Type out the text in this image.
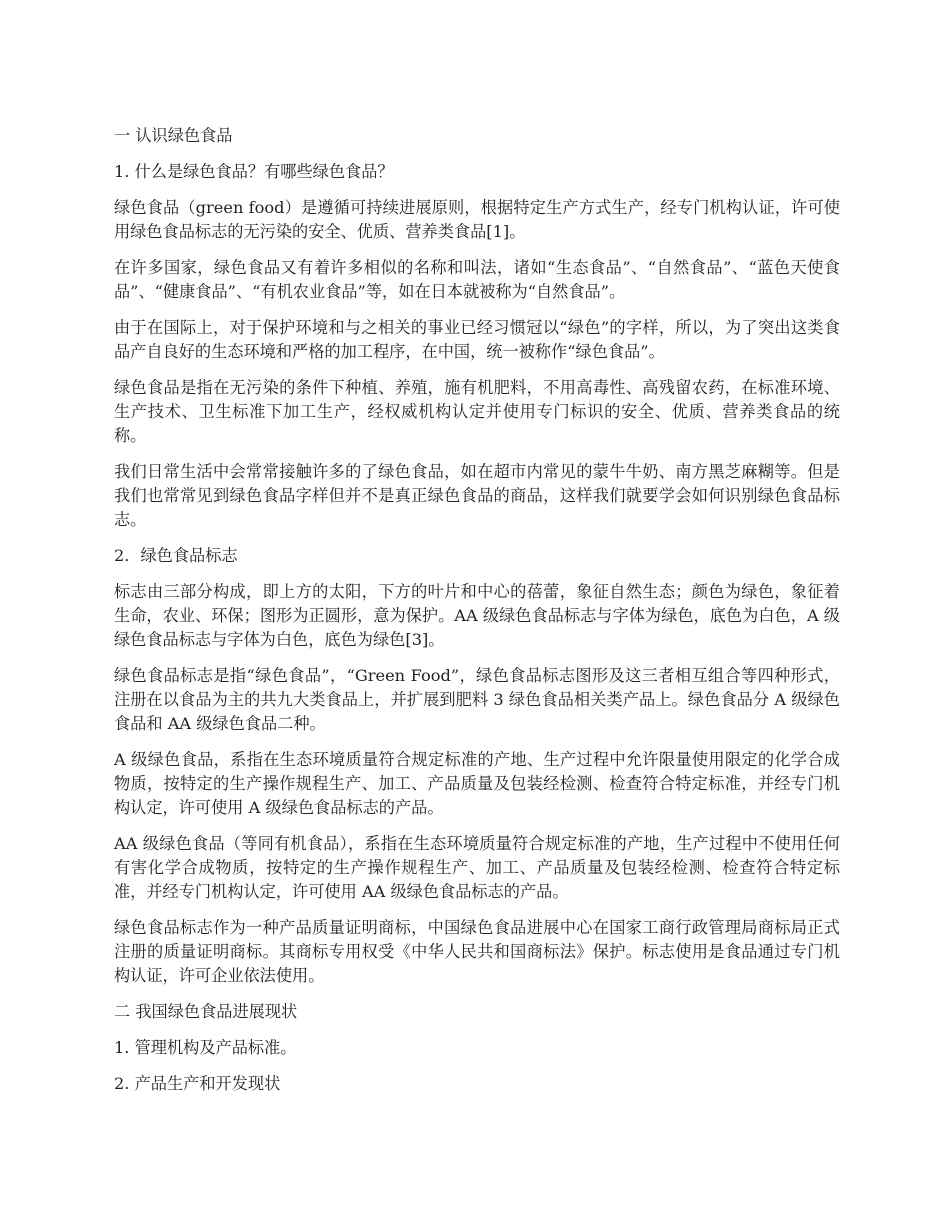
一 认识绿色食品

1. 什么是绿色食品？有哪些绿色食品？

绿色食品（green food）是遵循可持续进展原则，根据特定生产方式生产，经专门机构认证，许可使用绿色食品标志的无污染的安全、优质、营养类食品[1]。

在许多国家，绿色食品又有着许多相似的名称和叫法，诸如“生态食品”、“自然食品”、“蓝色天使食品”、“健康食品”、“有机农业食品”等，如在日本就被称为“自然食品”。

由于在国际上，对于保护环境和与之相关的事业已经习惯冠以“绿色”的字样，所以，为了突出这类食品产自良好的生态环境和严格的加工程序，在中国，统一被称作“绿色食品”。

绿色食品是指在无污染的条件下种植、养殖，施有机肥料，不用高毒性、高残留农药，在标准环境、生产技术、卫生标准下加工生产，经权威机构认定并使用专门标识的安全、优质、营养类食品的统称。

我们日常生活中会常常接触许多的了绿色食品，如在超市内常见的蒙牛牛奶、南方黑芝麻糊等。但是我们也常常见到绿色食品字样但并不是真正绿色食品的商品，这样我们就要学会如何识别绿色食品标志。

2．绿色食品标志

标志由三部分构成，即上方的太阳，下方的叶片和中心的蓓蕾，象征自然生态；颜色为绿色，象征着生命，农业、环保；图形为正圆形，意为保护。AA 级绿色食品标志与字体为绿色，底色为白色，A 级绿色食品标志与字体为白色，底色为绿色[3]。

绿色食品标志是指“绿色食品”，“Green Food”，绿色食品标志图形及这三者相互组合等四种形式，注册在以食品为主的共九大类食品上，并扩展到肥料 3 绿色食品相关类产品上。绿色食品分 A 级绿色食品和 AA 级绿色食品二种。

A 级绿色食品，系指在生态环境质量符合规定标准的产地、生产过程中允许限量使用限定的化学合成物质，按特定的生产操作规程生产、加工、产品质量及包装经检测、检查符合特定标准，并经专门机构认定，许可使用 A 级绿色食品标志的产品。

AA 级绿色食品（等同有机食品），系指在生态环境质量符合规定标准的产地，生产过程中不使用任何有害化学合成物质，按特定的生产操作规程生产、加工、产品质量及包装经检测、检查符合特定标准，并经专门机构认定，许可使用 AA 级绿色食品标志的产品。

绿色食品标志作为一种产品质量证明商标，中国绿色食品进展中心在国家工商行政管理局商标局正式注册的质量证明商标。其商标专用权受《中华人民共和国商标法》保护。标志使用是食品通过专门机构认证，许可企业依法使用。

二 我国绿色食品进展现状

1. 管理机构及产品标准。

2. 产品生产和开发现状
